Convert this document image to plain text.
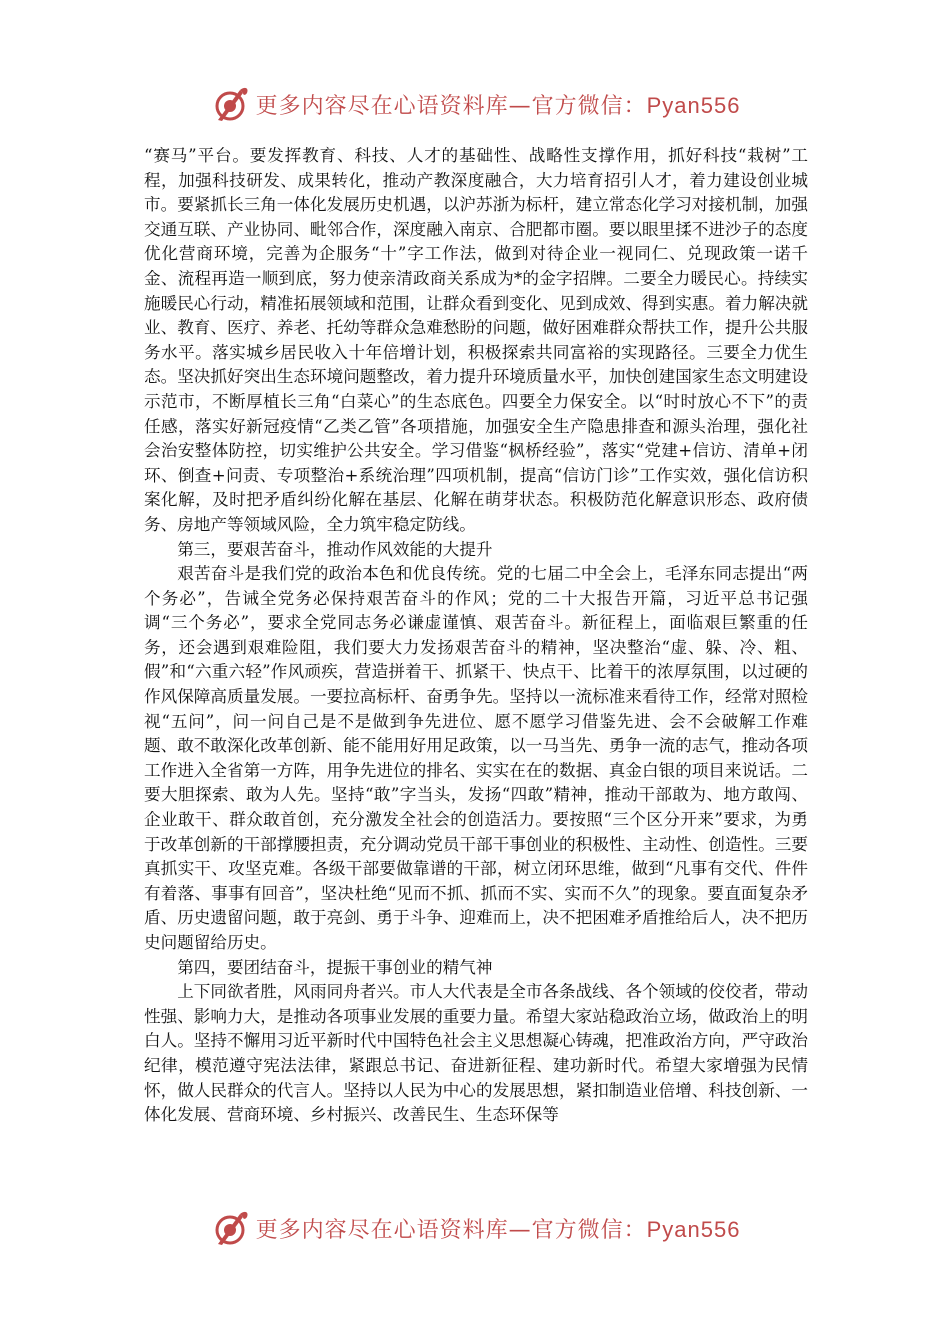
更多内容尽在心语资料库—官方微信：Pyan556

“赛马”平台。要发挥教育、科技、人才的基础性、战略性支撑作用，抓好科技“栽树”工程，加强科技研发、成果转化，推动产教深度融合，大力培育招引人才，着力建设创业城市。要紧抓长三角一体化发展历史机遇，以沪苏浙为标杆，建立常态化学习对接机制，加强交通互联、产业协同、毗邻合作，深度融入南京、合肥都市圈。要以眼里揉不进沙子的态度优化营商环境，完善为企服务“十”字工作法，做到对待企业一视同仁、兑现政策一诺千金、流程再造一顺到底，努力使亲清政商关系成为*的金字招牌。二要全力暖民心。持续实施暖民心行动，精准拓展领域和范围，让群众看到变化、见到成效、得到实惠。着力解决就业、教育、医疗、养老、托幼等群众急难愁盼的问题，做好困难群众帮扶工作，提升公共服务水平。落实城乡居民收入十年倍增计划，积极探索共同富裕的实现路径。三要全力优生态。坚决抓好突出生态环境问题整改，着力提升环境质量水平，加快创建国家生态文明建设示范市，不断厚植长三角“白菜心”的生态底色。四要全力保安全。以“时时放心不下”的责任感，落实好新冠疫情“乙类乙管”各项措施，加强安全生产隐患排查和源头治理，强化社会治安整体防控，切实维护公共安全。学习借鉴“枫桥经验”，落实“党建+信访、清单+闭环、倒查+问责、专项整治+系统治理”四项机制，提高“信访门诊”工作实效，强化信访积案化解，及时把矛盾纠纷化解在基层、化解在萌芽状态。积极防范化解意识形态、政府债务、房地产等领域风险，全力筑牢稳定防线。

第三，要艰苦奋斗，推动作风效能的大提升

艰苦奋斗是我们党的政治本色和优良传统。党的七届二中全会上，毛泽东同志提出“两个务必”，告诫全党务必保持艰苦奋斗的作风；党的二十大报告开篇，习近平总书记强调“三个务必”，要求全党同志务必谦虚谨慎、艰苦奋斗。新征程上，面临艰巨繁重的任务，还会遇到艰难险阻，我们要大力发扬艰苦奋斗的精神，坚决整治“虚、躲、冷、粗、假”和“六重六轻”作风顽疾，营造拼着干、抓紧干、快点干、比着干的浓厚氛围，以过硬的作风保障高质量发展。一要拉高标杆、奋勇争先。坚持以一流标准来看待工作，经常对照检视“五问”，问一问自己是不是做到争先进位、愿不愿学习借鉴先进、会不会破解工作难题、敢不敢深化改革创新、能不能用好用足政策，以一马当先、勇争一流的志气，推动各项工作进入全省第一方阵，用争先进位的排名、实实在在的数据、真金白银的项目来说话。二要大胆探索、敢为人先。坚持“敢”字当头，发扬“四敢”精神，推动干部敢为、地方敢闯、企业敢干、群众敢首创，充分激发全社会的创造活力。要按照“三个区分开来”要求，为勇于改革创新的干部撑腰担责，充分调动党员干部干事创业的积极性、主动性、创造性。三要真抓实干、攻坚克难。各级干部要做靠谱的干部，树立闭环思维，做到“凡事有交代、件件有着落、事事有回音”，坚决杜绝“见而不抓、抓而不实、实而不久”的现象。要直面复杂矛盾、历史遗留问题，敢于亮剑、勇于斗争、迎难而上，决不把困难矛盾推给后人，决不把历史问题留给历史。

第四，要团结奋斗，提振干事创业的精气神

上下同欲者胜，风雨同舟者兴。市人大代表是全市各条战线、各个领域的佼佼者，带动性强、影响力大，是推动各项事业发展的重要力量。希望大家站稳政治立场，做政治上的明白人。坚持不懈用习近平新时代中国特色社会主义思想凝心铸魂，把准政治方向，严守政治纪律，模范遵守宪法法律，紧跟总书记、奋进新征程、建功新时代。希望大家增强为民情怀，做人民群众的代言人。坚持以人民为中心的发展思想，紧扣制造业倍增、科技创新、一体化发展、营商环境、乡村振兴、改善民生、生态环保等

更多内容尽在心语资料库—官方微信：Pyan556
